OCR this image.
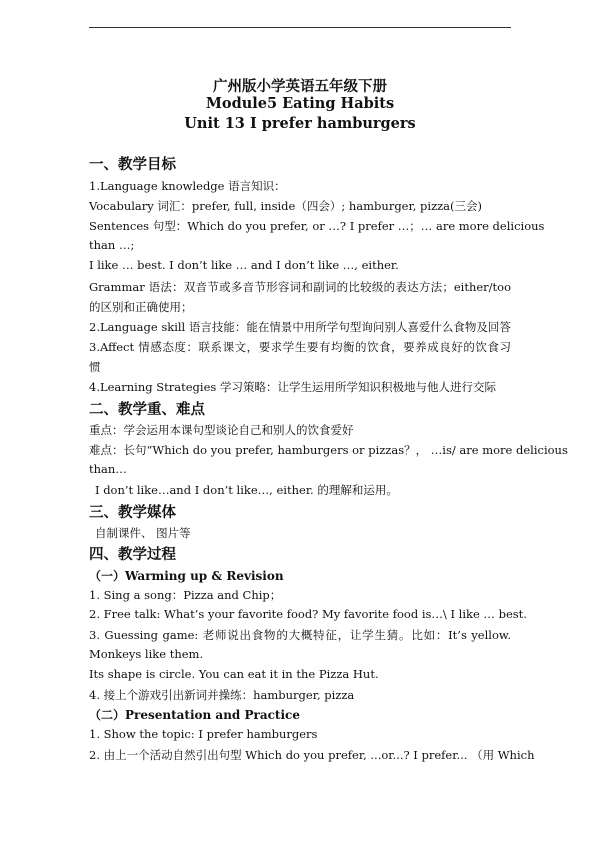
广州版小学英语五年级下册
Module5 Eating Habits
Unit 13 I prefer hamburgers
一、教学目标
1.Language knowledge 语言知识：
Vocabulary 词汇：prefer, full, inside（四会）; hamburger, pizza(三会)
Sentences 句型：Which do you prefer, or …? I prefer …；… are more delicious
than …;
I like … best. I don’t like … and I don’t like …, either.
Grammar 语法：双音节或多音节形容词和副词的比较级的表达方法；either/too
的区别和正确使用；
2.Language skill 语言技能：能在情景中用所学句型询问别人喜爱什么食物及回答
3.Affect 情感态度：联系课文，要求学生要有均衡的饮食，要养成良好的饮食习
惯
4.Learning Strategies 学习策略：让学生运用所学知识积极地与他人进行交际
二、教学重、难点
重点：学会运用本课句型谈论自己和别人的饮食爱好
难点：长句“Which do you prefer, hamburgers or pizzas？， …is/ are more delicious
than…
I don’t like…and I don’t like…, either. 的理解和运用。
三、教学媒体
自制课件、 图片等
四、教学过程
（一）Warming up & Revision
1. Sing a song：Pizza and Chip；
2. Free talk: What’s your favorite food? My favorite food is…\ I like … best.
3. Guessing game: 老师说出食物的大概特征，让学生猜。比如：It’s yellow.
Monkeys like them.
Its shape is circle. You can eat it in the Pizza Hut.
4. 接上个游戏引出新词并操练：hamburger, pizza
（二）Presentation and Practice
1. Show the topic: I prefer hamburgers
2. 由上一个活动自然引出句型 Which do you prefer, ...or...? I prefer... （用 Which
